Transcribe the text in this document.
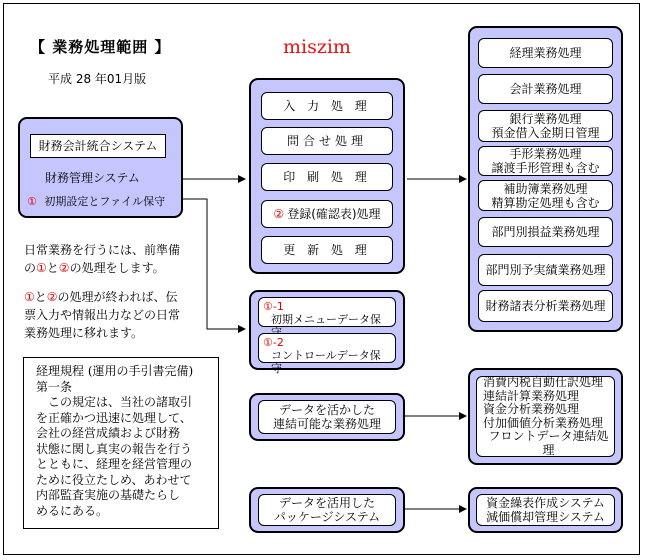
【 業務処理範囲 】
平成 28 年01月版
miszim
財務会計統合システム
財務管理システム
① 初期設定とファイル保守
日常業務を行うには、前準備
の①と②の処理をします。
①と②の処理が終われば、伝
票入力や情報出力などの日常
業務処理に移れます。
経理規程 (運用の手引書完備)
第一条
　この規定は、当社の諸取引
を正確かつ迅速に処理して、
会社の経営成績および財務
状態に関し真実の報告を行う
とともに、経理を経営管理の
ために役立たしめ、あわせて
内部監査実施の基礎たらし
めるにある。
入 力 処 理
問合せ処理
印 刷 処 理
② 登録(確認表)処理
更 新 処 理
①-1
初期メニューデータ保
①-2
コントロールデータ保守
データを活かした
連結可能な業務処理
データを活用した
パッケージシステム
経理業務処理
会計業務処理
銀行業務処理
預金借入金期日管理
手形業務処理
譲渡手形管理も含む
補助簿業務処理
精算勘定処理も含む
部門別損益業務処理
部門別予実績業務処理
財務諸表分析業務処理
消費内税自動仕訳処理
連結計算業務処理
資金分析業務処理
付加価値分析業務処理
フロントデータ連結処理
資金繰表作成システム
減価償却管理システム
